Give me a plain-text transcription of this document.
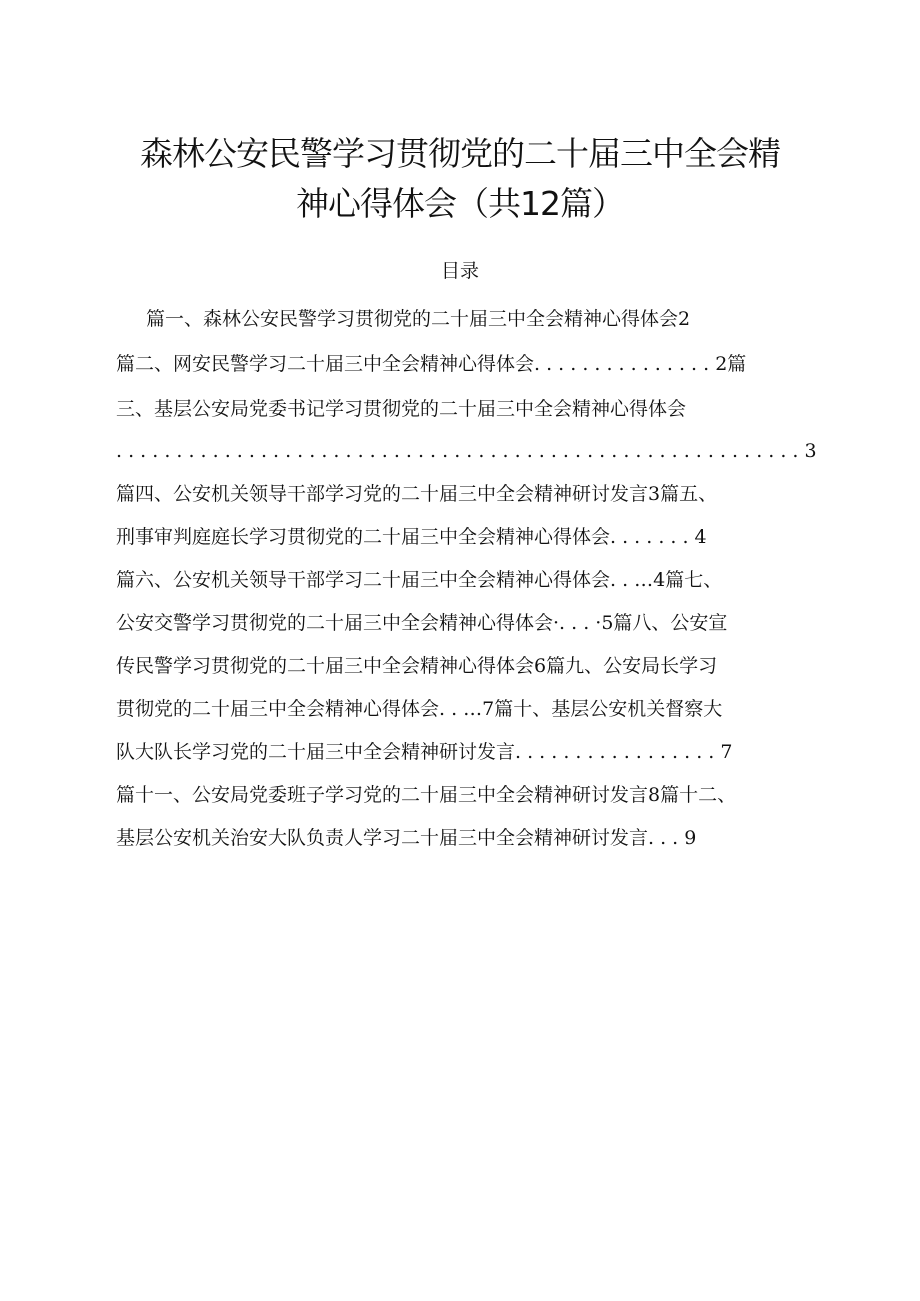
森林公安民警学习贯彻党的二十届三中全会精
神心得体会（共12篇）
目录
篇一、森林公安民警学习贯彻党的二十届三中全会精神心得体会2
篇二、网安民警学习二十届三中全会精神心得体会. . . . . . . . . . . . . . . 2篇
三、基层公安局党委书记学习贯彻党的二十届三中全会精神心得体会
. . . . . . . . . . . . . . . . . . . . . . . . . . . . . . . . . . . . . . . . . . . . . . . . . . . . . . . . . 3
篇四、公安机关领导干部学习党的二十届三中全会精神研讨发言3篇五、
刑事审判庭庭长学习贯彻党的二十届三中全会精神心得体会. . . . . . . 4
篇六、公安机关领导干部学习二十届三中全会精神心得体会. . …4篇七、
公安交警学习贯彻党的二十届三中全会精神心得体会·. . . ·5篇八、公安宣
传民警学习贯彻党的二十届三中全会精神心得体会6篇九、公安局长学习
贯彻党的二十届三中全会精神心得体会. . …7篇十、基层公安机关督察大
队大队长学习党的二十届三中全会精神研讨发言. . . . . . . . . . . . . . . . . 7
篇十一、公安局党委班子学习党的二十届三中全会精神研讨发言8篇十二、
基层公安机关治安大队负责人学习二十届三中全会精神研讨发言. . . 9
